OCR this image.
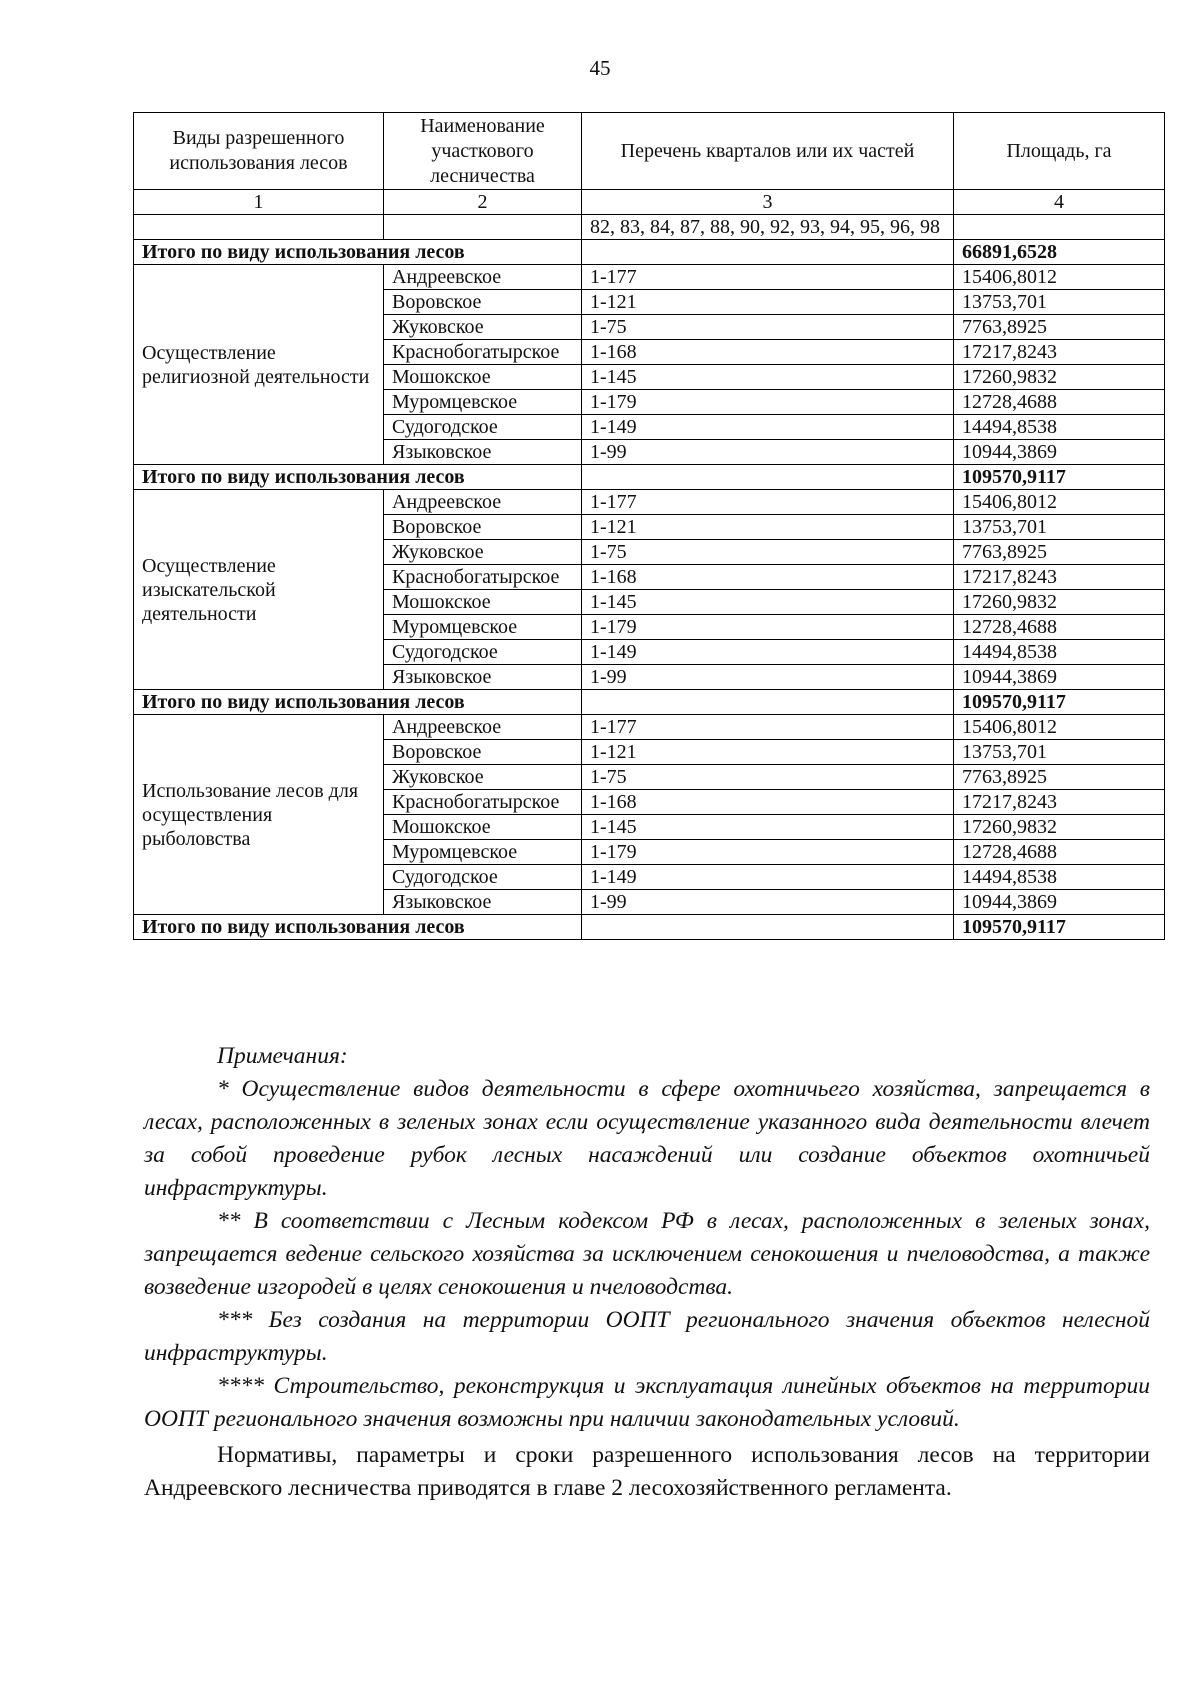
45
Виды разрешенного использования лесов	Наименование участкового лесничества	Перечень кварталов или их частей	Площадь, га
1	2	3	4
		82, 83, 84, 87, 88, 90, 92, 93, 94, 95, 96, 98	
Итого по виду использования лесов			66891,6528
Осуществление религиозной деятельности	Андреевское	1-177	15406,8012
	Воровское	1-121	13753,701
	Жуковское	1-75	7763,8925
	Краснобогатырское	1-168	17217,8243
	Мошокское	1-145	17260,9832
	Муромцевское	1-179	12728,4688
	Судогодское	1-149	14494,8538
	Языковское	1-99	10944,3869
Итого по виду использования лесов			109570,9117
Осуществление изыскательской деятельности	Андреевское	1-177	15406,8012
	Воровское	1-121	13753,701
	Жуковское	1-75	7763,8925
	Краснобогатырское	1-168	17217,8243
	Мошокское	1-145	17260,9832
	Муромцевское	1-179	12728,4688
	Судогодское	1-149	14494,8538
	Языковское	1-99	10944,3869
Итого по виду использования лесов			109570,9117
Использование лесов для осуществления рыболовства	Андреевское	1-177	15406,8012
	Воровское	1-121	13753,701
	Жуковское	1-75	7763,8925
	Краснобогатырское	1-168	17217,8243
	Мошокское	1-145	17260,9832
	Муромцевское	1-179	12728,4688
	Судогодское	1-149	14494,8538
	Языковское	1-99	10944,3869
Итого по виду использования лесов			109570,9117
Примечания:

* Осуществление видов деятельности в сфере охотничьего хозяйства, запрещается в лесах, расположенных в зеленых зонах если осуществление указанного вида деятельности влечет за собой проведение рубок лесных насаждений или создание объектов охотничьей инфраструктуры.

** В соответствии с Лесным кодексом РФ в лесах, расположенных в зеленых зонах, запрещается ведение сельского хозяйства за исключением сенокошения и пчеловодства, а также возведение изгородей в целях сенокошения и пчеловодства.

*** Без создания на территории ООПТ регионального значения объектов нелесной инфраструктуры.

**** Строительство, реконструкция и эксплуатация линейных объектов на территории ООПТ регионального значения возможны при наличии законодательных условий.

Нормативы, параметры и сроки разрешенного использования лесов на территории Андреевского лесничества приводятся в главе 2 лесохозяйственного регламента.
